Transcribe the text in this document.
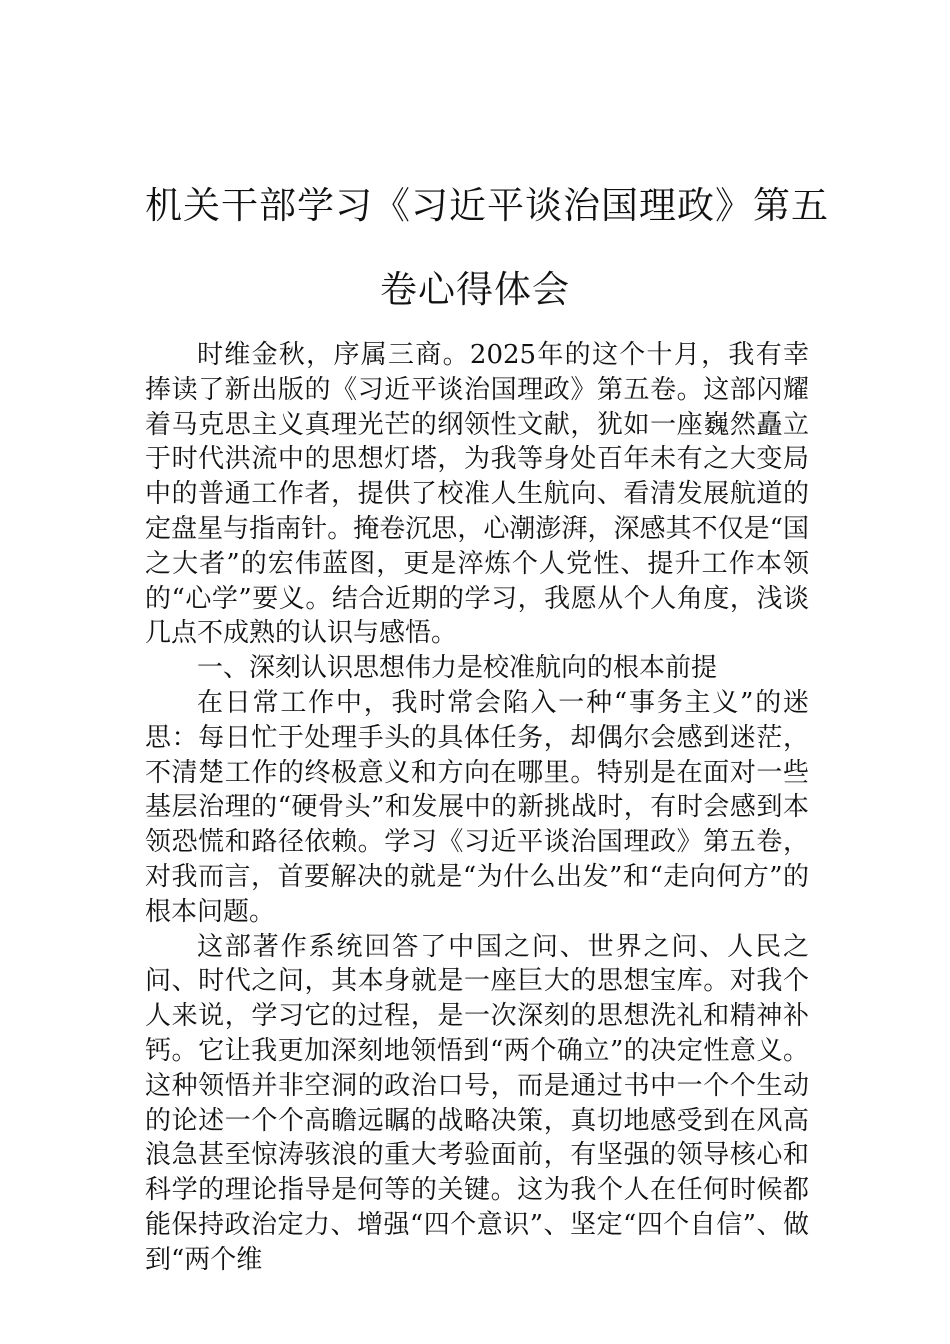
机关干部学习《习近平谈治国理政》第五
卷心得体会

时维金秋，序属三商。2025年的这个十月，我有幸捧读了新出版的《习近平谈治国理政》第五卷。这部闪耀着马克思主义真理光芒的纲领性文献，犹如一座巍然矗立于时代洪流中的思想灯塔，为我等身处百年未有之大变局中的普通工作者，提供了校准人生航向、看清发展航道的定盘星与指南针。掩卷沉思，心潮澎湃，深感其不仅是“国之大者”的宏伟蓝图，更是淬炼个人党性、提升工作本领的“心学”要义。结合近期的学习，我愿从个人角度，浅谈几点不成熟的认识与感悟。

一、深刻认识思想伟力是校准航向的根本前提

在日常工作中，我时常会陷入一种“事务主义”的迷思：每日忙于处理手头的具体任务，却偶尔会感到迷茫，不清楚工作的终极意义和方向在哪里。特别是在面对一些基层治理的“硬骨头”和发展中的新挑战时，有时会感到本领恐慌和路径依赖。学习《习近平谈治国理政》第五卷，对我而言，首要解决的就是“为什么出发”和“走向何方”的根本问题。

这部著作系统回答了中国之问、世界之问、人民之问、时代之问，其本身就是一座巨大的思想宝库。对我个人来说，学习它的过程，是一次深刻的思想洗礼和精神补钙。它让我更加深刻地领悟到“两个确立”的决定性意义。这种领悟并非空洞的政治口号，而是通过书中一个个生动的论述一个个高瞻远瞩的战略决策，真切地感受到在风高浪急甚至惊涛骇浪的重大考验面前，有坚强的领导核心和科学的理论指导是何等的关键。这为我个人在任何时候都能保持政治定力、增强“四个意识”、坚定“四个自信”、做到“两个维
